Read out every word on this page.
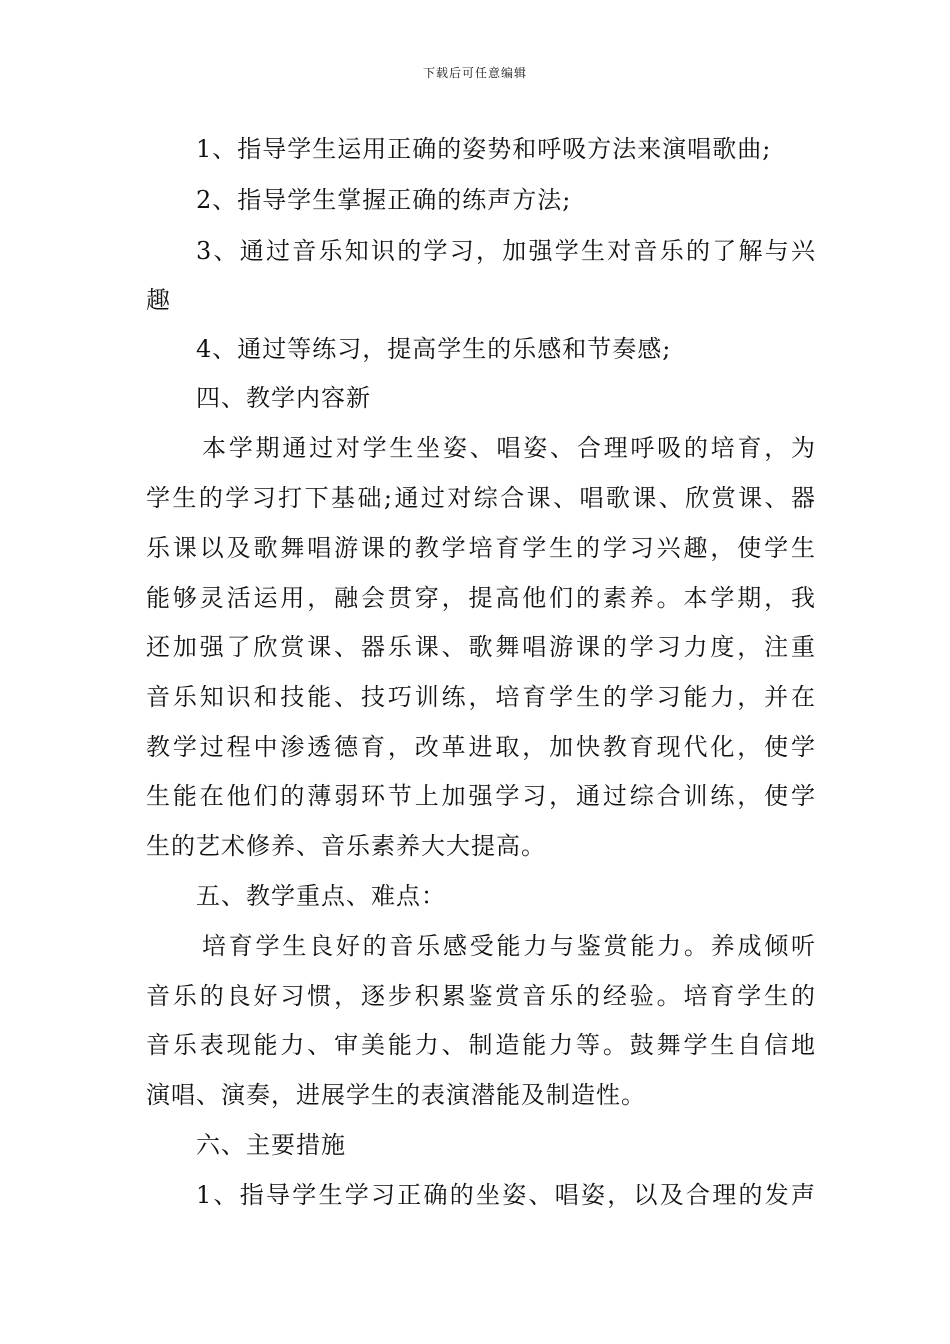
下载后可任意编辑
1、指导学生运用正确的姿势和呼吸方法来演唱歌曲;
2、指导学生掌握正确的练声方法;
3、通过音乐知识的学习，加强学生对音乐的了解与兴
趣
4、通过等练习，提高学生的乐感和节奏感;
四、教学内容新
本学期通过对学生坐姿、唱姿、合理呼吸的培育，为
学生的学习打下基础;通过对综合课、唱歌课、欣赏课、器
乐课以及歌舞唱游课的教学培育学生的学习兴趣，使学生
能够灵活运用，融会贯穿，提高他们的素养。本学期，我
还加强了欣赏课、器乐课、歌舞唱游课的学习力度，注重
音乐知识和技能、技巧训练，培育学生的学习能力，并在
教学过程中渗透德育，改革进取，加快教育现代化，使学
生能在他们的薄弱环节上加强学习，通过综合训练，使学
生的艺术修养、音乐素养大大提高。
五、教学重点、难点：
培育学生良好的音乐感受能力与鉴赏能力。养成倾听
音乐的良好习惯，逐步积累鉴赏音乐的经验。培育学生的
音乐表现能力、审美能力、制造能力等。鼓舞学生自信地
演唱、演奏，进展学生的表演潜能及制造性。
六、主要措施
1、指导学生学习正确的坐姿、唱姿，以及合理的发声
